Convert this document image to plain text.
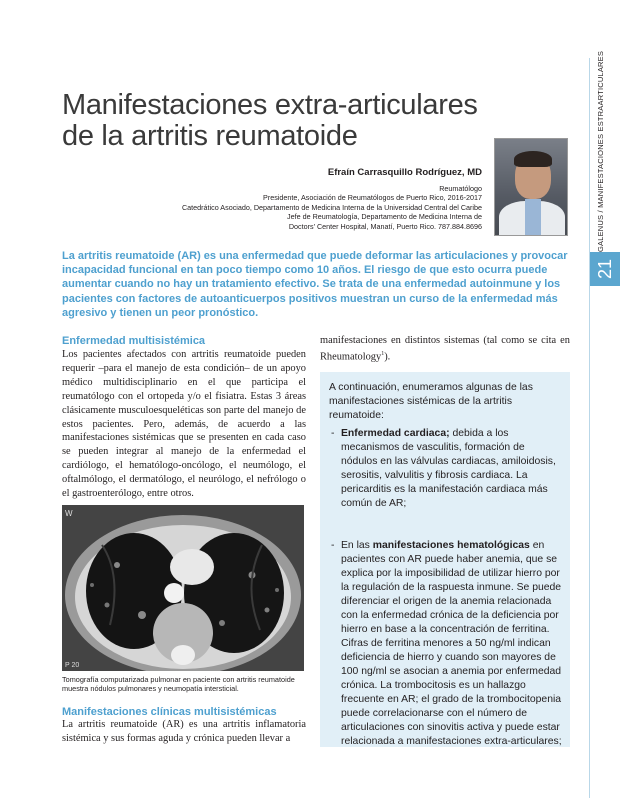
GALENUS / MANIFESTACIONES ESTRAARTICULARES
21
Manifestaciones extra-articulares
de la artritis reumatoide
Efraín Carrasquillo Rodríguez, MD
Reumatólogo
Presidente, Asociación de Reumatólogos de Puerto Rico, 2016-2017
Catedrático Asociado, Departamento de Medicina Interna de la Universidad Central del Caribe
Jefe de Reumatología, Departamento de Medicina Interna de
Doctors' Center Hospital, Manatí, Puerto Rico. 787.884.8696
La artritis reumatoide (AR) es una enfermedad que puede deformar las articulaciones y provocar incapacidad funcional en tan poco tiempo como 10 años. El riesgo de que esto ocurra puede aumentar cuando no hay un tratamiento efectivo. Se trata de una enfermedad autoinmune y los pacientes con factores de autoanticuerpos positivos muestran un curso de la enfermedad más agresivo y tienen un peor pronóstico.
Enfermedad multisistémica
Los pacientes afectados con artritis reumatoide pueden requerir –para el manejo de esta condición– de un apoyo médico multidisciplinario en el que participa el reumatólogo con el ortopeda y/o el fisiatra. Estas 3 áreas clásicamente musculoesqueléticas son parte del manejo de estos pacientes. Pero, además, de acuerdo a las manifestaciones sistémicas que se presenten en cada caso se pueden integrar al manejo de la enfermedad el cardiólogo, el hematólogo-oncólogo, el neumólogo, el oftalmólogo, el dermatólogo, el neurólogo, el nefrólogo o el gastroenterólogo, entre otros.
W
P 20
Tomografía computarizada pulmonar en paciente con artritis reumatoide muestra nódulos pulmonares y neumopatía intersticial.
Manifestaciones clínicas multisistémicas
La artritis reumatoide (AR) es una artritis inflamatoria sistémica y sus formas aguda y crónica pueden llevar a
manifestaciones en distintos sistemas (tal como se cita en Rheumatology$^1$).
A continuación, enumeramos algunas de las manifestaciones sistémicas de la artritis reumatoide:
- Enfermedad cardiaca; debida a los mecanismos de vasculitis, formación de nódulos en las válvulas cardiacas, amiloidosis, serositis, valvulitis y fibrosis cardiaca. La pericarditis es la manifestación cardiaca más común de AR;
- En las manifestaciones hematológicas en pacientes con AR puede haber anemia, que se explica por la imposibilidad de utilizar hierro por la regulación de la raspuesta inmune. Se puede diferenciar el origen de la anemia relacionada con la enfermedad crónica de la deficiencia por hierro en base a la concentración de ferritina. Cifras de ferritina menores a 50 ng/ml indican deficiencia de hierro y cuando son mayores de 100 ng/ml se asocian a anemia por enfermedad crónica. La trombocitosis es un hallazgo frecuente en AR; el grado de la trombocitopenia puede correlacionarse con el número de articulaciones con sinovitis activa y puede estar relacionada a manifestaciones extra-articulares;
